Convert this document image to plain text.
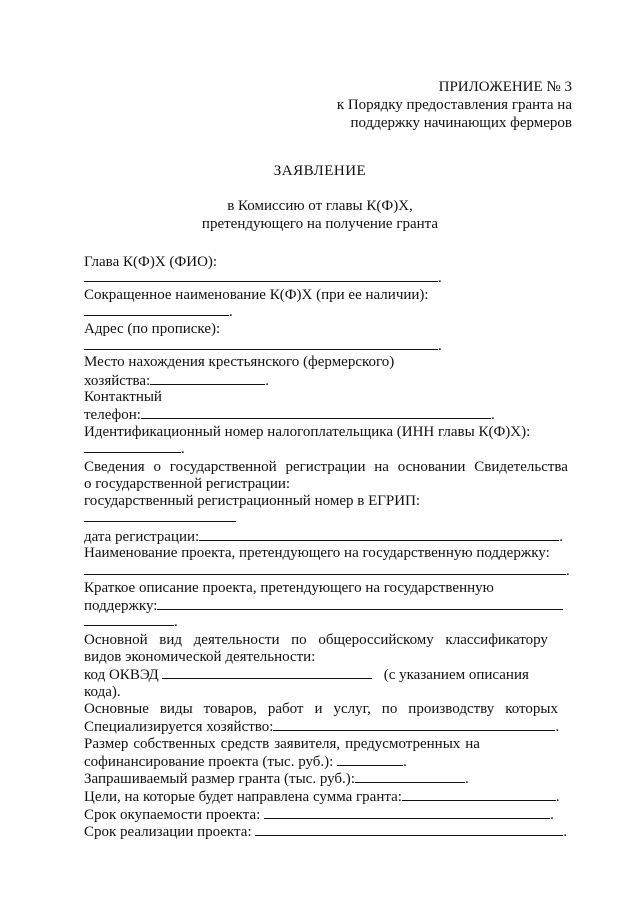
ПРИЛОЖЕНИЕ № 3
к Порядку предоставления гранта на
поддержку начинающих фермеров
ЗАЯВЛЕНИЕ
в Комиссию от главы К(Ф)Х,
претендующего на получение гранта
Глава К(Ф)Х (ФИО):
.
Сокращенное наименование К(Ф)Х (при ее наличии):
.
Адрес (по прописке):
.
Место нахождения крестьянского (фермерского)
хозяйства:	.
Контактный
телефон:	.
Идентификационный номер налогоплательщика (ИНН главы К(Ф)Х):
.
Сведения о государственной регистрации на основании Свидетельства
о государственной регистрации:
государственный регистрационный номер в ЕГРИП:
дата регистрации:	.
Наименование проекта, претендующего на государственную поддержку:
.
Краткое описание проекта, претендующего на государственную
поддержку:
.
Основной вид деятельности по общероссийскому классификатору
видов экономической деятельности:
код ОКВЭД	(с указанием описания
кода).
Основные виды товаров, работ и услуг, по производству которых
Специализируется хозяйство:	.
Размер собственных средств заявителя, предусмотренных на
софинансирование проекта (тыс. руб.):	.
Запрашиваемый размер гранта (тыс. руб.):	.
Цели, на которые будет направлена сумма гранта:	.
Срок окупаемости проекта:	.
Срок реализации проекта:	.
